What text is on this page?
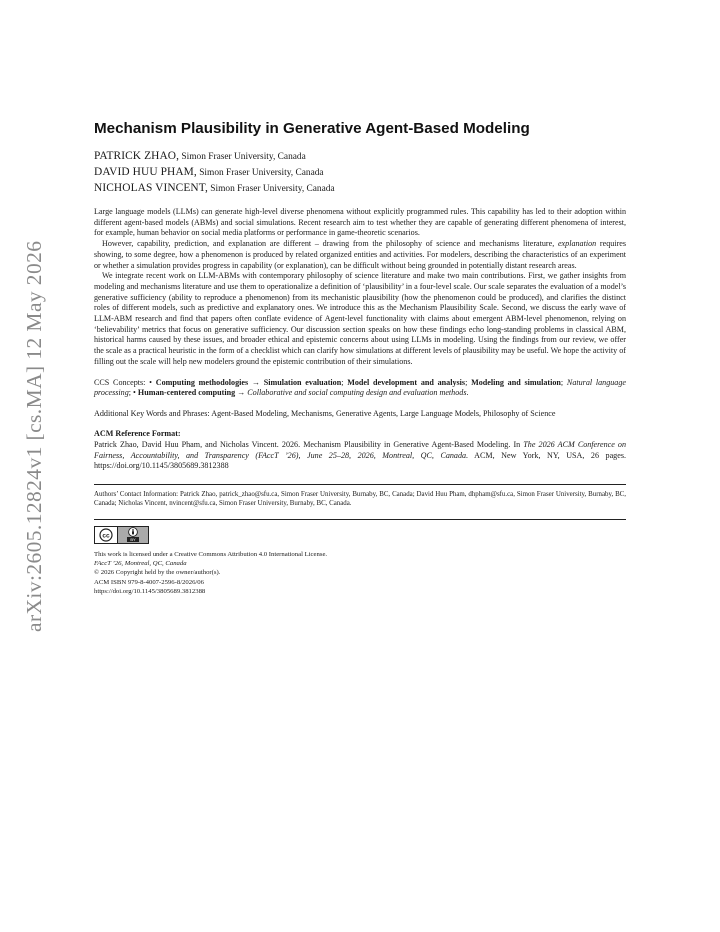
arXiv:2605.12824v1 [cs.MA] 12 May 2026
Mechanism Plausibility in Generative Agent-Based Modeling
PATRICK ZHAO, Simon Fraser University, Canada
DAVID HUU PHAM, Simon Fraser University, Canada
NICHOLAS VINCENT, Simon Fraser University, Canada

Large language models (LLMs) can generate high-level diverse phenomena without explicitly programmed rules. This capability has led to their adoption within different agent-based models (ABMs) and social simulations. Recent research aim to test whether they are capable of generating different phenomena of interest, for example, human behavior on social media platforms or performance in game-theoretic scenarios.

However, capability, prediction, and explanation are different – drawing from the philosophy of science and mechanisms literature, explanation requires showing, to some degree, how a phenomenon is produced by related organized entities and activities. For modelers, describing the characteristics of an experiment or whether a simulation provides progress in capability (or explanation), can be difficult without being grounded in potentially distant research areas.

We integrate recent work on LLM-ABMs with contemporary philosophy of science literature and make two main contributions. First, we gather insights from modeling and mechanisms literature and use them to operationalize a definition of ‘plausibility’ in a four-level scale. Our scale separates the evaluation of a model’s generative sufficiency (ability to reproduce a phenomenon) from its mechanistic plausibility (how the phenomenon could be produced), and clarifies the distinct roles of different models, such as predictive and explanatory ones. We introduce this as the Mechanism Plausibility Scale. Second, we discuss the early wave of LLM-ABM research and find that papers often conflate evidence of Agent-level functionality with claims about emergent ABM-level phenomenon, relying on ‘believability’ metrics that focus on generative sufficiency. Our discussion section speaks on how these findings echo long-standing problems in classical ABM, historical harms caused by these issues, and broader ethical and epistemic concerns about using LLMs in modeling. Using the findings from our review, we offer the scale as a practical heuristic in the form of a checklist which can clarify how simulations at different levels of plausibility may be useful. We hope the activity of filling out the scale will help new modelers ground the epistemic contribution of their simulations.

CCS Concepts: • Computing methodologies → Simulation evaluation; Model development and analysis; Modeling and simulation; Natural language processing; • Human-centered computing → Collaborative and social computing design and evaluation methods.
Additional Key Words and Phrases: Agent-Based Modeling, Mechanisms, Generative Agents, Large Language Models, Philosophy of Science
ACM Reference Format:
Patrick Zhao, David Huu Pham, and Nicholas Vincent. 2026. Mechanism Plausibility in Generative Agent-Based Modeling. In The 2026 ACM Conference on Fairness, Accountability, and Transparency (FAccT ’26), June 25–28, 2026, Montreal, QC, Canada. ACM, New York, NY, USA, 26 pages. https://doi.org/10.1145/3805689.3812388
Authors’ Contact Information: Patrick Zhao, patrick_zhao@sfu.ca, Simon Fraser University, Burnaby, BC, Canada; David Huu Pham, dhpham@sfu.ca, Simon Fraser University, Burnaby, BC, Canada; Nicholas Vincent, nvincent@sfu.ca, Simon Fraser University, Burnaby, BC, Canada.
cc
BY
This work is licensed under a Creative Commons Attribution 4.0 International License.
FAccT ’26, Montreal, QC, Canada
© 2026 Copyright held by the owner/author(s).
ACM ISBN 979-8-4007-2596-8/2026/06
https://doi.org/10.1145/3805689.3812388
